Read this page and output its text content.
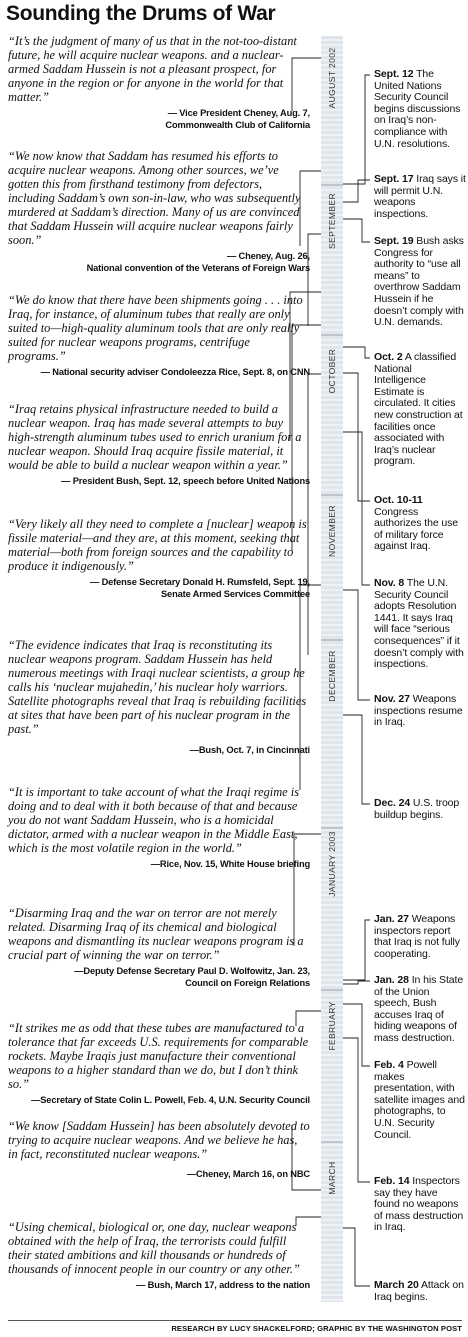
Sounding the Drums of War
AUGUST 2002
SEPTEMBER
OCTOBER
NOVEMBER
DECEMBER
JANUARY 2003
FEBRUARY
MARCH

“It’s the judgment of many of us that in the not-too-distant future, he will acquire nuclear weapons. and a nuclear-armed Saddam Hussein is not a pleasant prospect, for anyone in the region or for anyone in the world for that matter.”

— Vice President Cheney, Aug. 7,
Commonwealth Club of California

“We now know that Saddam has resumed his efforts to acquire nuclear weapons. Among other sources, we’ve gotten this from firsthand testimony from defectors, including Saddam’s own son-in-law, who was subsequently murdered at Saddam’s direction. Many of us are convinced that Saddam Hussein will acquire nuclear weapons fairly soon.”

— Cheney, Aug. 26,
National convention of the Veterans of Foreign Wars

“We do know that there have been shipments going . . . into Iraq, for instance, of aluminum tubes that really are only suited to—high-quality aluminum tools that are only really suited for nuclear weapons programs, centrifuge programs.”

— National security adviser Condoleezza Rice, Sept. 8, on CNN

“Iraq retains physical infrastructure needed to build a nuclear weapon. Iraq has made several attempts to buy high-strength aluminum tubes used to enrich uranium for a nuclear weapon. Should Iraq acquire fissile material, it would be able to build a nuclear weapon within a year.”

— President Bush, Sept. 12, speech before United Nations

“Very likely all they need to complete a [nuclear] weapon is fissile material—and they are, at this moment, seeking that material—both from foreign sources and the capability to produce it indigenously.”

— Defense Secretary Donald H. Rumsfeld, Sept. 19,
Senate Armed Services Committee

“The evidence indicates that Iraq is reconstituting its nuclear weapons program. Saddam Hussein has held numerous meetings with Iraqi nuclear scientists, a group he calls his ‘nuclear mujahedin,’ his nuclear holy warriors. Satellite photographs reveal that Iraq is rebuilding facilities at sites that have been part of his nuclear program in the past.”

—Bush, Oct. 7, in Cincinnati

“It is important to take account of what the Iraqi regime is doing and to deal with it both because of that and because you do not want Saddam Hussein, who is a homicidal dictator, armed with a nuclear weapon in the Middle East, which is the most volatile region in the world.”

—Rice, Nov. 15, White House briefing

“Disarming Iraq and the war on terror are not merely related. Disarming Iraq of its chemical and biological weapons and dismantling its nuclear weapons program is a crucial part of winning the war on terror.”

—Deputy Defense Secretary Paul D. Wolfowitz, Jan. 23,
Council on Foreign Relations

“It strikes me as odd that these tubes are manufactured to a tolerance that far exceeds U.S. requirements for comparable rockets. Maybe Iraqis just manufacture their conventional weapons to a higher standard than we do, but I don’t think so.”

—Secretary of State Colin L. Powell, Feb. 4, U.N. Security Council

“We know [Saddam Hussein] has been absolutely devoted to trying to acquire nuclear weapons. And we believe he has, in fact, reconstituted nuclear weapons.”

—Cheney, March 16, on NBC

“Using chemical, biological or, one day, nuclear weapons obtained with the help of Iraq, the terrorists could fulfill their stated ambitions and kill thousands or hundreds of thousands of innocent people in our country or any other.”

— Bush, March 17, address to the nation
Sept. 12 The United Nations Security Council begins discussions on Iraq’s non-compliance with U.N. resolutions.
Sept. 17 Iraq says it will permit U.N. weapons inspections.
Sept. 19 Bush asks Congress for authority to “use all means” to overthrow Saddam Hussein if he doesn’t comply with U.N. demands.
Oct. 2 A classified National Intelligence Estimate is circulated. It cities new construction at facilities once associated with Iraq’s nuclear program.
Oct. 10-11 Congress authorizes the use of military force against Iraq.
Nov. 8 The U.N. Security Council adopts Resolution 1441. It says Iraq will face “serious consequences” if it doesn’t comply with inspections.
Nov. 27 Weapons inspections resume in Iraq.
Dec. 24 U.S. troop buildup begins.
Jan. 27 Weapons inspectors report that Iraq is not fully cooperating.
Jan. 28 In his State of the Union speech, Bush accuses Iraq of hiding weapons of mass destruction.
Feb. 4 Powell makes presentation, with satellite images and photographs, to U.N. Security Council.
Feb. 14 Inspectors say they have found no weapons of mass destruction in Iraq.
March 20 Attack on Iraq begins.
RESEARCH BY LUCY SHACKELFORD; GRAPHIC BY THE WASHINGTON POST
